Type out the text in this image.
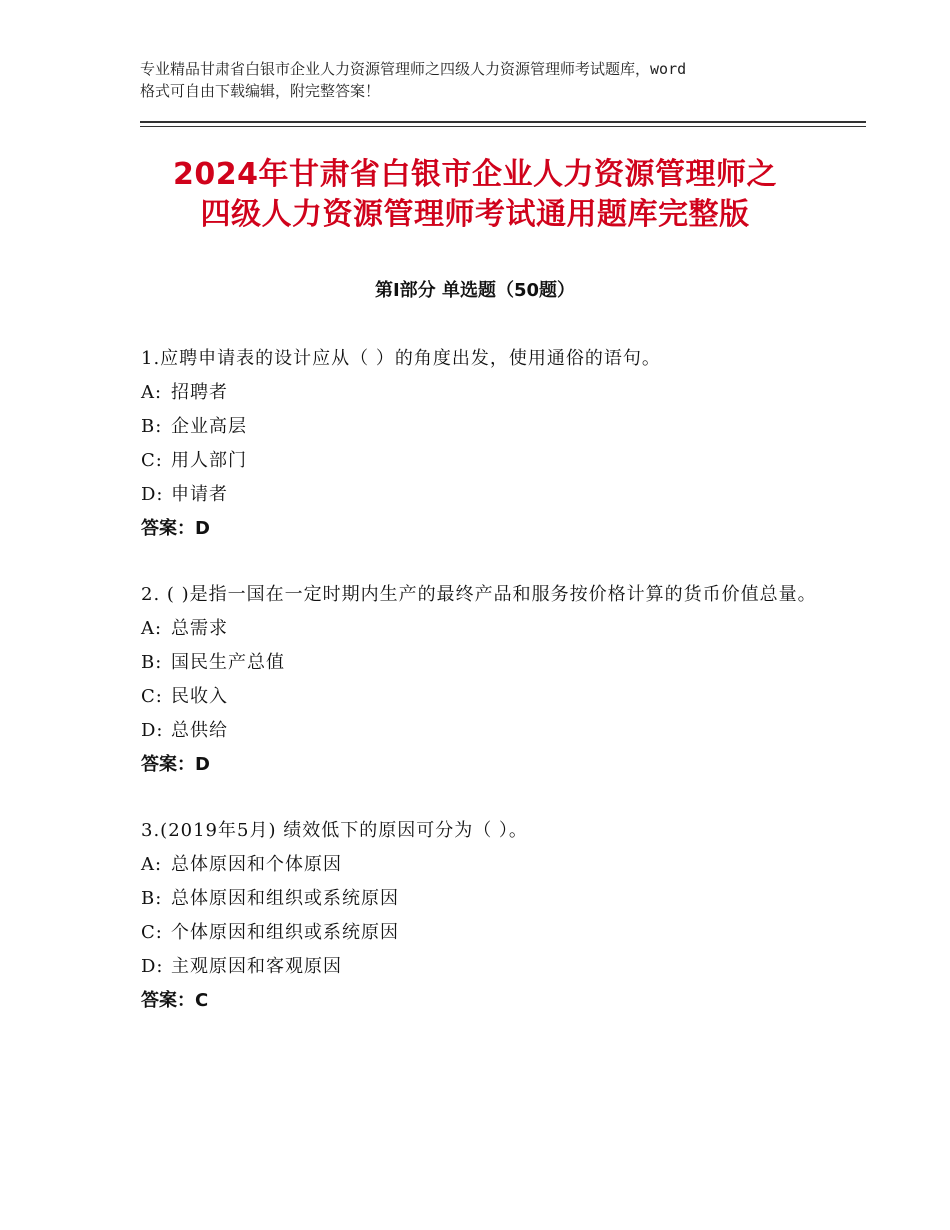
专业精品甘肃省白银市企业人力资源管理师之四级人力资源管理师考试题库，word
格式可自由下载编辑，附完整答案！
2024年甘肃省白银市企业人力资源管理师之
四级人力资源管理师考试通用题库完整版
第Ⅰ部分 单选题（50题）
1.应聘申请表的设计应从（ ）的角度出发，使用通俗的语句。
A: 招聘者
B: 企业高层
C: 用人部门
D: 申请者
答案：D
2. ( )是指一国在一定时期内生产的最终产品和服务按价格计算的货币价值总量。
A: 总需求
B: 国民生产总值
C: 民收入
D: 总供给
答案：D
3.(2019年5月) 绩效低下的原因可分为（ ）。
A: 总体原因和个体原因
B: 总体原因和组织或系统原因
C: 个体原因和组织或系统原因
D: 主观原因和客观原因
答案：C
